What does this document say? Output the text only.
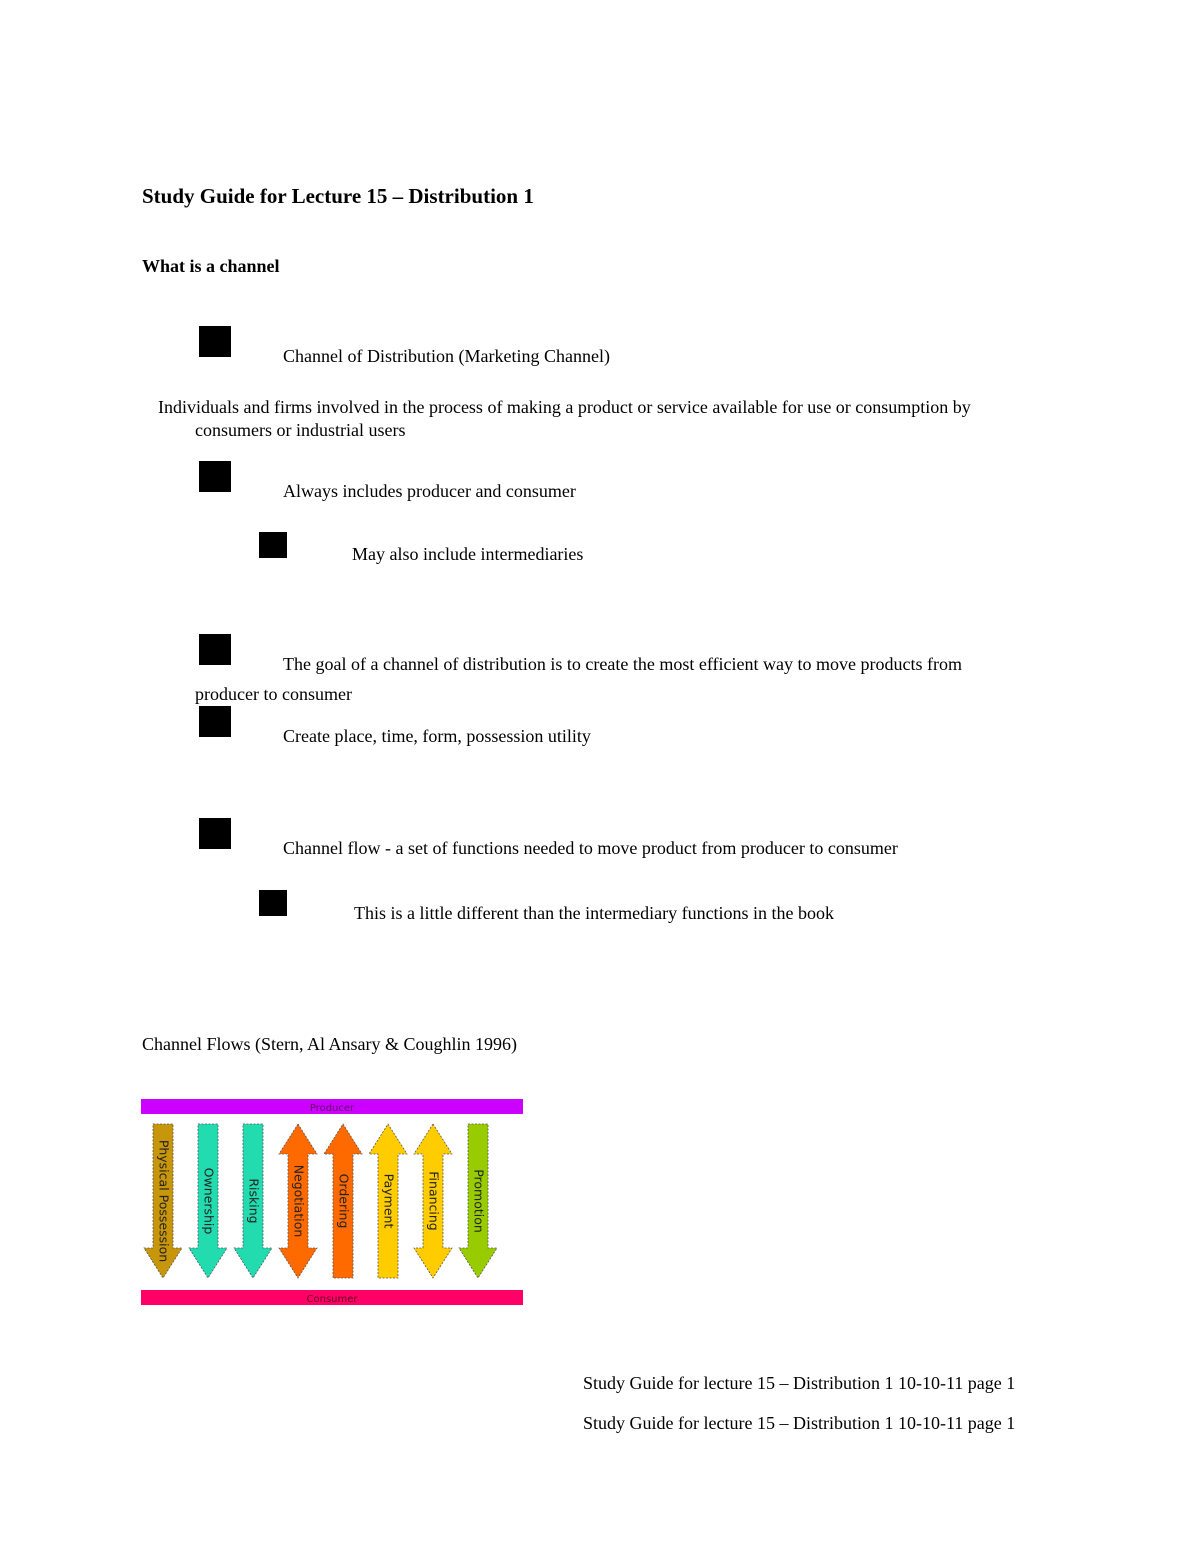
Study Guide for Lecture 15 – Distribution 1
What is a channel
Channel of Distribution (Marketing Channel)
Individuals and firms involved in the process of making a product or service available for use or consumption by
consumers or industrial users
Always includes producer and consumer
May also include intermediaries
The goal of a channel of distribution is to create the most efficient way to move products from
producer to consumer
Create place, time, form, possession utility
Channel flow - a set of functions needed to move product from producer to consumer
This is a little different than the intermediary functions in the book
Channel Flows (Stern, Al Ansary & Coughlin 1996)
Producer
Consumer
Physical Possession Ownership Risking Negotiation Ordering Payment Financing Promotion
Study Guide for lecture 15 – Distribution 1 10-10-11 page 1
Study Guide for lecture 15 – Distribution 1 10-10-11 page 1
